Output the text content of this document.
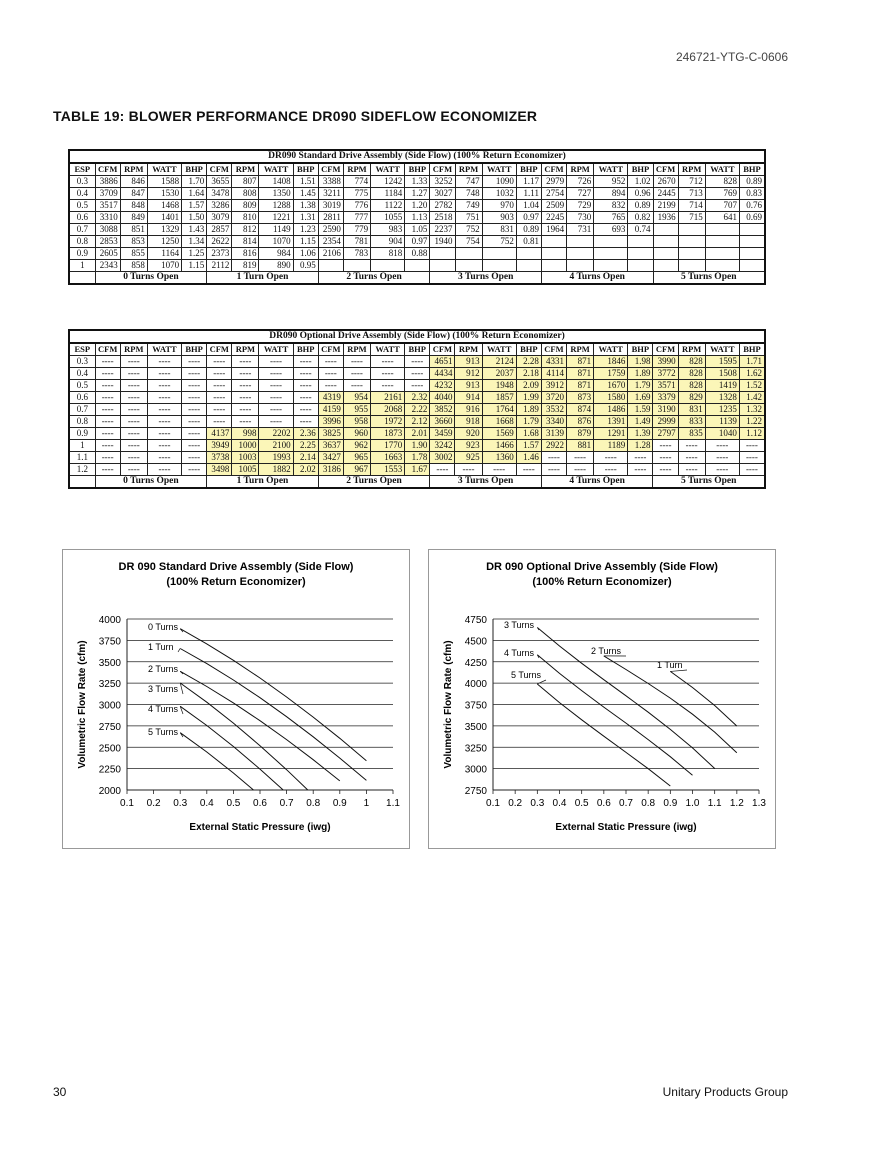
246721-YTG-C-0606
TABLE 19: BLOWER PERFORMANCE DR090 SIDEFLOW ECONOMIZER
DR090 Standard Drive Assembly (Side Flow) (100% Return Economizer)																								
ESP	CFM	RPM	WATT	BHP	CFM	RPM	WATT	BHP	CFM	RPM	WATT	BHP	CFM	RPM	WATT	BHP	CFM	RPM	WATT	BHP	CFM	RPM	WATT	BHP
0.3	3886	846	1588	1.70	3655	807	1408	1.51	3388	774	1242	1.33	3252	747	1090	1.17	2979	726	952	1.02	2670	712	828	0.89
0.4	3709	847	1530	1.64	3478	808	1350	1.45	3211	775	1184	1.27	3027	748	1032	1.11	2754	727	894	0.96	2445	713	769	0.83
0.5	3517	848	1468	1.57	3286	809	1288	1.38	3019	776	1122	1.20	2782	749	970	1.04	2509	729	832	0.89	2199	714	707	0.76
0.6	3310	849	1401	1.50	3079	810	1221	1.31	2811	777	1055	1.13	2518	751	903	0.97	2245	730	765	0.82	1936	715	641	0.69
0.7	3088	851	1329	1.43	2857	812	1149	1.23	2590	779	983	1.05	2237	752	831	0.89	1964	731	693	0.74				
0.8	2853	853	1250	1.34	2622	814	1070	1.15	2354	781	904	0.97	1940	754	752	0.81								
0.9	2605	855	1164	1.25	2373	816	984	1.06	2106	783	818	0.88												
1	2343	858	1070	1.15	2112	819	890	0.95																
	0 Turns Open				1 Turn Open				2 Turns Open				3 Turns Open				4 Turns Open				5 Turns Open			
DR090 Optional Drive Assembly (Side Flow) (100% Return Economizer)																								
ESP	CFM	RPM	WATT	BHP	CFM	RPM	WATT	BHP	CFM	RPM	WATT	BHP	CFM	RPM	WATT	BHP	CFM	RPM	WATT	BHP	CFM	RPM	WATT	BHP
0.3	----	----	----	----	----	----	----	----	----	----	----	----	4651	913	2124	2.28	4331	871	1846	1.98	3990	828	1595	1.71
0.4	----	----	----	----	----	----	----	----	----	----	----	----	4434	912	2037	2.18	4114	871	1759	1.89	3772	828	1508	1.62
0.5	----	----	----	----	----	----	----	----	----	----	----	----	4232	913	1948	2.09	3912	871	1670	1.79	3571	828	1419	1.52
0.6	----	----	----	----	----	----	----	----	4319	954	2161	2.32	4040	914	1857	1.99	3720	873	1580	1.69	3379	829	1328	1.42
0.7	----	----	----	----	----	----	----	----	4159	955	2068	2.22	3852	916	1764	1.89	3532	874	1486	1.59	3190	831	1235	1.32
0.8	----	----	----	----	----	----	----	----	3996	958	1972	2.12	3660	918	1668	1.79	3340	876	1391	1.49	2999	833	1139	1.22
0.9	----	----	----	----	4137	998	2202	2.36	3825	960	1873	2.01	3459	920	1569	1.68	3139	879	1291	1.39	2797	835	1040	1.12
1	----	----	----	----	3949	1000	2100	2.25	3637	962	1770	1.90	3242	923	1466	1.57	2922	881	1189	1.28	----	----	----	----
1.1	----	----	----	----	3738	1003	1993	2.14	3427	965	1663	1.78	3002	925	1360	1.46	----	----	----	----	----	----	----	----
1.2	----	----	----	----	3498	1005	1882	2.02	3186	967	1553	1.67	----	----	----	----	----	----	----	----	----	----	----	----
	0 Turns Open				1 Turn Open				2 Turns Open				3 Turns Open				4 Turns Open				5 Turns Open			
DR 090 Standard Drive Assembly (Side Flow)
(100% Return Economizer)
2000
2250
2500
2750
3000
3250
3500
3750
4000
0.1 0.2 0.3 0.4 0.5 0.6 0.7 0.8 0.9 1 1.1
External Static Pressure (iwg)
Volumetric Flow Rate (cfm)
0 Turns
1 Turn
2 Turns
3 Turns
4 Turns
5 Turns
DR 090 Optional Drive Assembly (Side Flow)
(100% Return Economizer)
2750
3000
3250
3500
3750
4000
4250
4500
4750
0.1 0.2 0.3 0.4 0.5 0.6 0.7 0.8 0.9 1.0 1.1 1.2 1.3
External Static Pressure (iwg)
Volumetric Flow Rate (cfm)	1 Turn
2 Turns
3 Turns
4 Turns
5 Turns
30	Unitary Products Group
